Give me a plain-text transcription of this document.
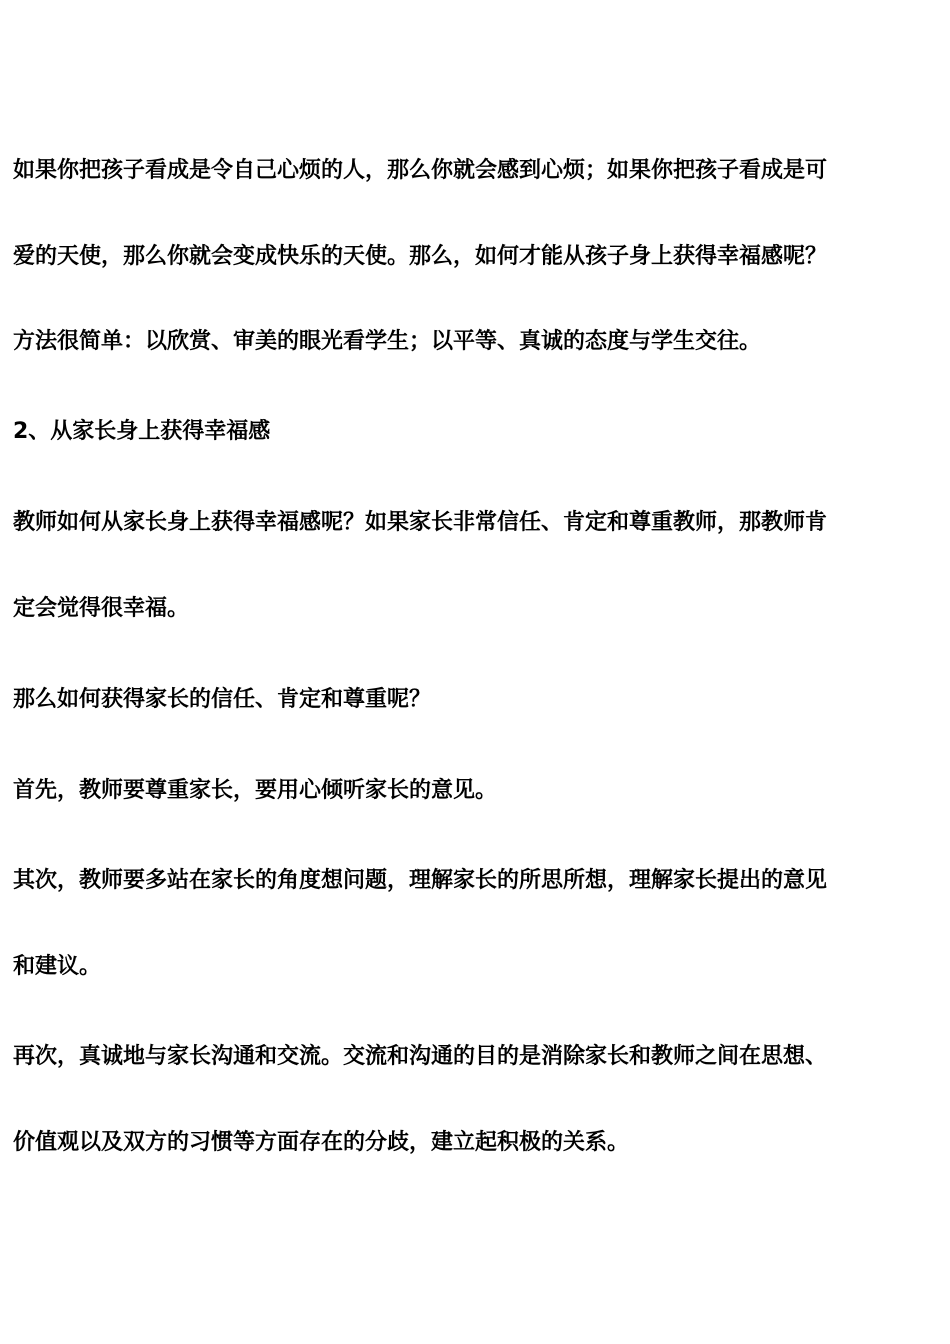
如果你把孩子看成是令自己心烦的人，那么你就会感到心烦；如果你把孩子看成是可
爱的天使，那么你就会变成快乐的天使。那么，如何才能从孩子身上获得幸福感呢？
方法很简单：以欣赏、审美的眼光看学生；以平等、真诚的态度与学生交往。
2、从家长身上获得幸福感
教师如何从家长身上获得幸福感呢？如果家长非常信任、肯定和尊重教师，那教师肯
定会觉得很幸福。
那么如何获得家长的信任、肯定和尊重呢？
首先，教师要尊重家长，要用心倾听家长的意见。
其次，教师要多站在家长的角度想问题，理解家长的所思所想，理解家长提出的意见
和建议。
再次，真诚地与家长沟通和交流。交流和沟通的目的是消除家长和教师之间在思想、
价值观以及双方的习惯等方面存在的分歧，建立起积极的关系。
